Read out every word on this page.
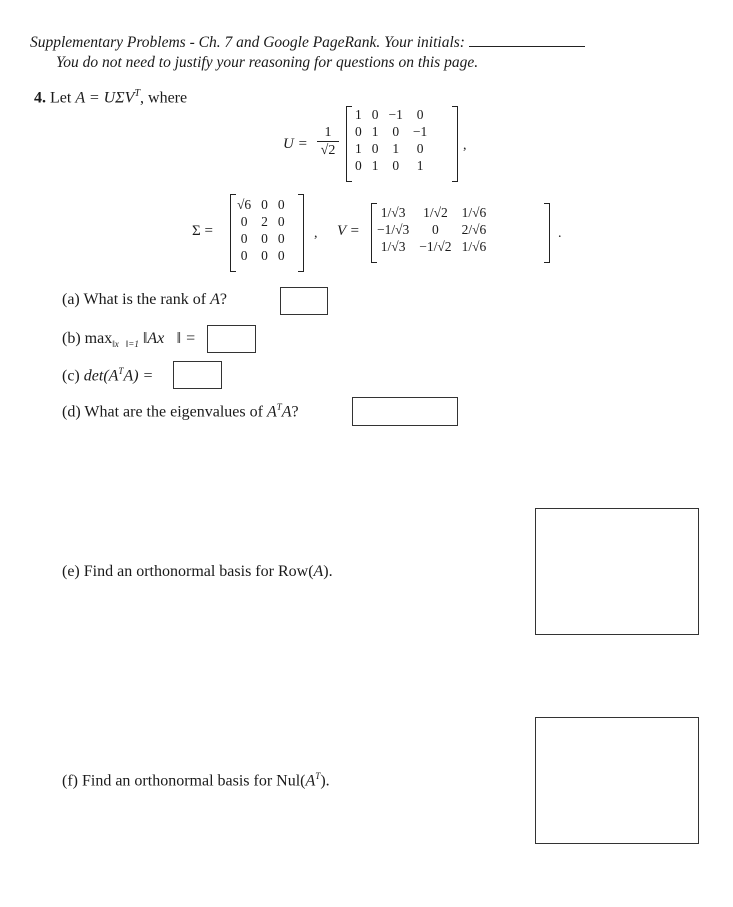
Supplementary Problems - Ch. 7 and Google PageRank. Your initials:
You do not need to justify your reasoning for questions on this page.
4. Let $A = U\Sigma V^T$, where
$U = \frac{1}{√2}$
1	0	−1	0
0	1	0	−1
1	0	1	0
0	1	0	1
,
Σ =
√6	0	0
0	2	0
0	0	0
0	0	0
, V =
1/√3	1/√2	1/√6
−1/√3	0	2/√6
1/√3	−1/√2	1/√6
.
(a) What is the rank of A?
(b) $\max_{‖x⃗‖=1}$ ‖Ax⃗‖ =
(c) $\det(A^TA)$ =
(d) What are the eigenvalues of $A^TA$?
(e) Find an orthonormal basis for Row(A).
(f) Find an orthonormal basis for $Nul(A^T)$.
